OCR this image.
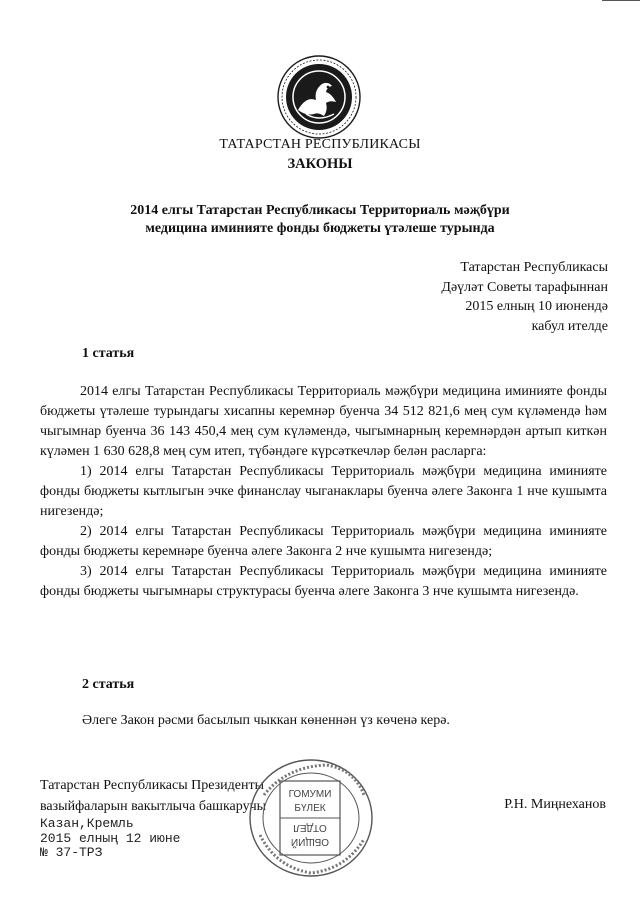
ТАТАРСТАН РЕСПУБЛИКАСЫ
ЗАКОНЫ
2014 елгы Татарстан Республикасы Территориаль мәҗбүри
медицина иминияте фонды бюджеты үтәлеше турында
Татарстан Республикасы
Дәүләт Советы тарафыннан
2015 елның 10 июнендә
кабул ителде
1 статья

2014 елгы Татарстан Республикасы Территориаль мәҗбүри медицина иминияте фонды бюджеты үтәлеше турындагы хисапны керемнәр буенча 34 512 821,6 мең сум күләмендә һәм чыгымнар буенча 36 143 450,4 мең сум күләмендә, чыгымнарның керемнәрдән артып киткән күләмен 1 630 628,8 мең сум итеп, түбәндәге күрсәткечләр белән расларга:

1) 2014 елгы Татарстан Республикасы Территориаль мәҗбүри медицина иминияте фонды бюджеты кытлыгын эчке финанслау чыганаклары буенча әлеге Законга 1 нче кушымта нигезендә;

2) 2014 елгы Татарстан Республикасы Территориаль мәҗбүри медицина иминияте фонды бюджеты керемнәре буенча әлеге Законга 2 нче кушымта нигезендә;

3) 2014 елгы Татарстан Республикасы Территориаль мәҗбүри медицина иминияте фонды бюджеты чыгымнары структурасы буенча әлеге Законга 3 нче кушымта нигезендә.

2 статья
Әлеге Закон рәсми басылып чыккан көненнән үз көченә керә.
Татарстан Республикасы Президенты
вазыйфаларын вакытлыча башкаручы	Р.Н. Миңнеханов
Казан,Кремль
2015 елның 12 июне
№ 37-ТРЗ
ГОМУМИ
БҮЛЕК
ОБЩИЙ
ОТДЕЛ
